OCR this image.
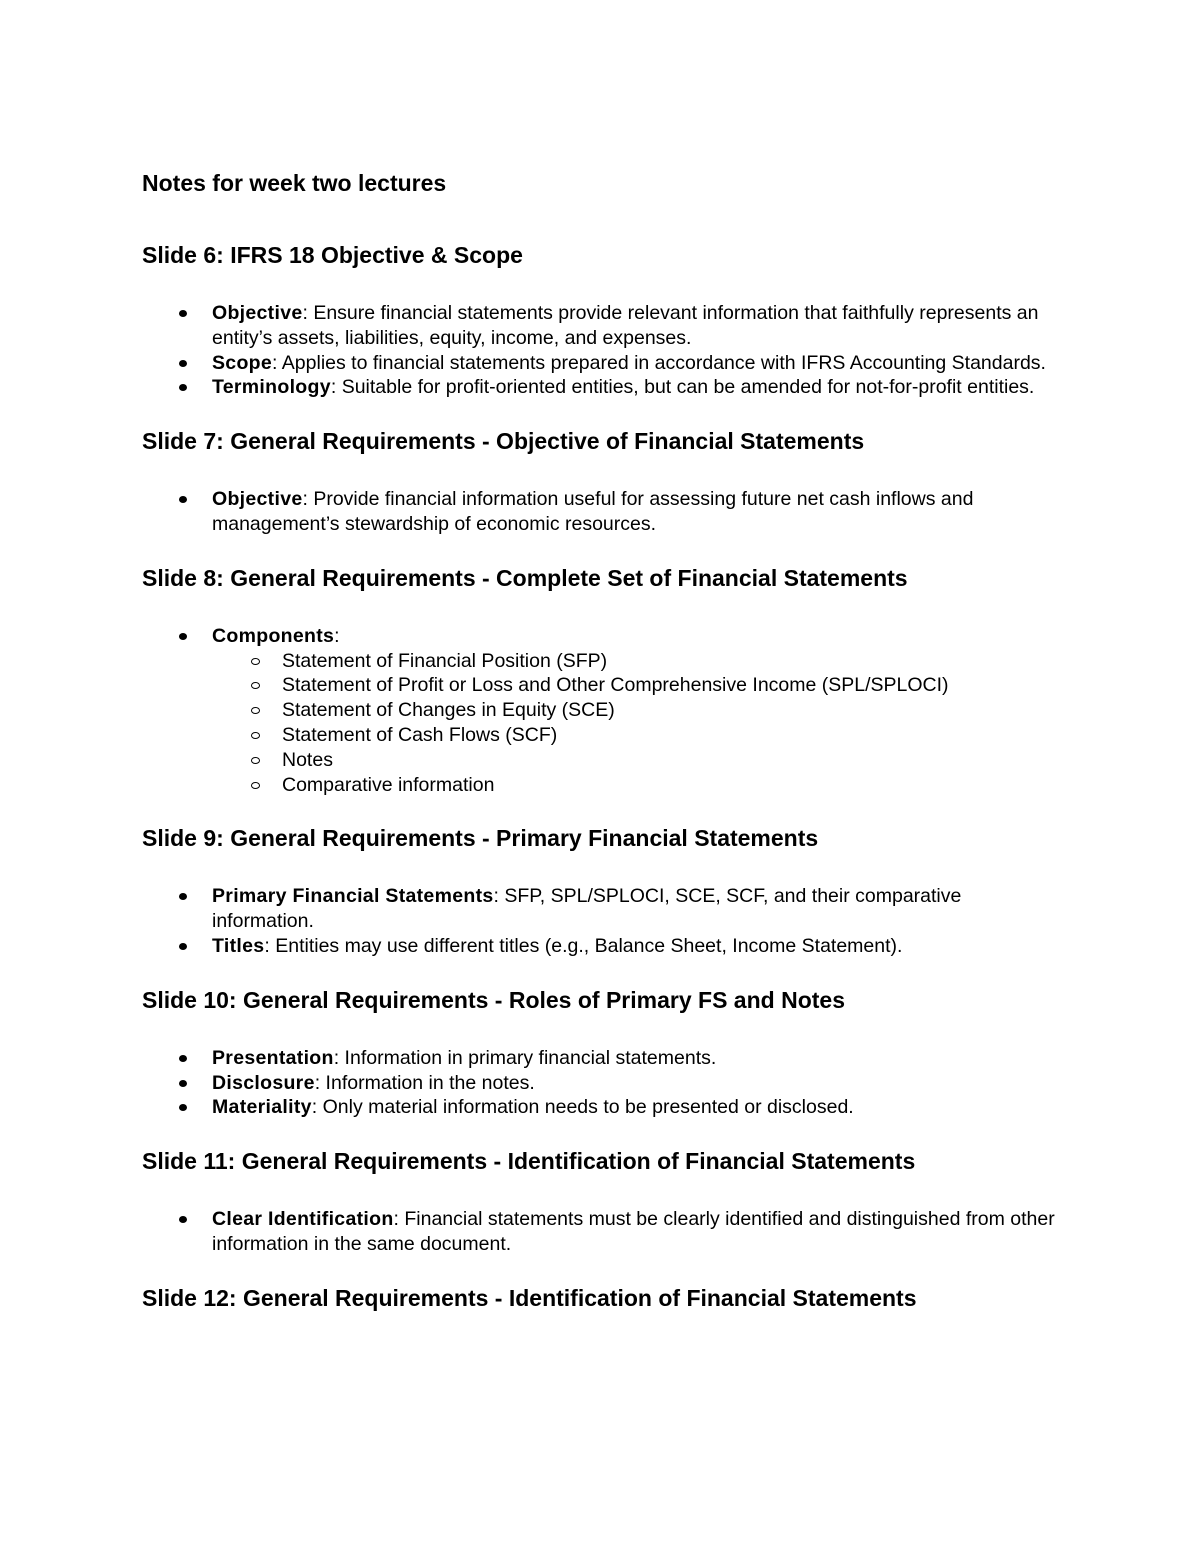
Notes for week two lectures
Slide 6: IFRS 18 Objective & Scope
Objective: Ensure financial statements provide relevant information that faithfully represents an entity’s assets, liabilities, equity, income, and expenses.
Scope: Applies to financial statements prepared in accordance with IFRS Accounting Standards.
Terminology: Suitable for profit-oriented entities, but can be amended for not-for-profit entities.
Slide 7: General Requirements - Objective of Financial Statements
Objective: Provide financial information useful for assessing future net cash inflows and management’s stewardship of economic resources.
Slide 8: General Requirements - Complete Set of Financial Statements
Components:
Statement of Financial Position (SFP)
Statement of Profit or Loss and Other Comprehensive Income (SPL/SPLOCI)
Statement of Changes in Equity (SCE)
Statement of Cash Flows (SCF)
Notes
Comparative information
Slide 9: General Requirements - Primary Financial Statements
Primary Financial Statements: SFP, SPL/SPLOCI, SCE, SCF, and their comparative information.
Titles: Entities may use different titles (e.g., Balance Sheet, Income Statement).
Slide 10: General Requirements - Roles of Primary FS and Notes
Presentation: Information in primary financial statements.
Disclosure: Information in the notes.
Materiality: Only material information needs to be presented or disclosed.
Slide 11: General Requirements - Identification of Financial Statements
Clear Identification: Financial statements must be clearly identified and distinguished from other information in the same document.
Slide 12: General Requirements - Identification of Financial Statements
